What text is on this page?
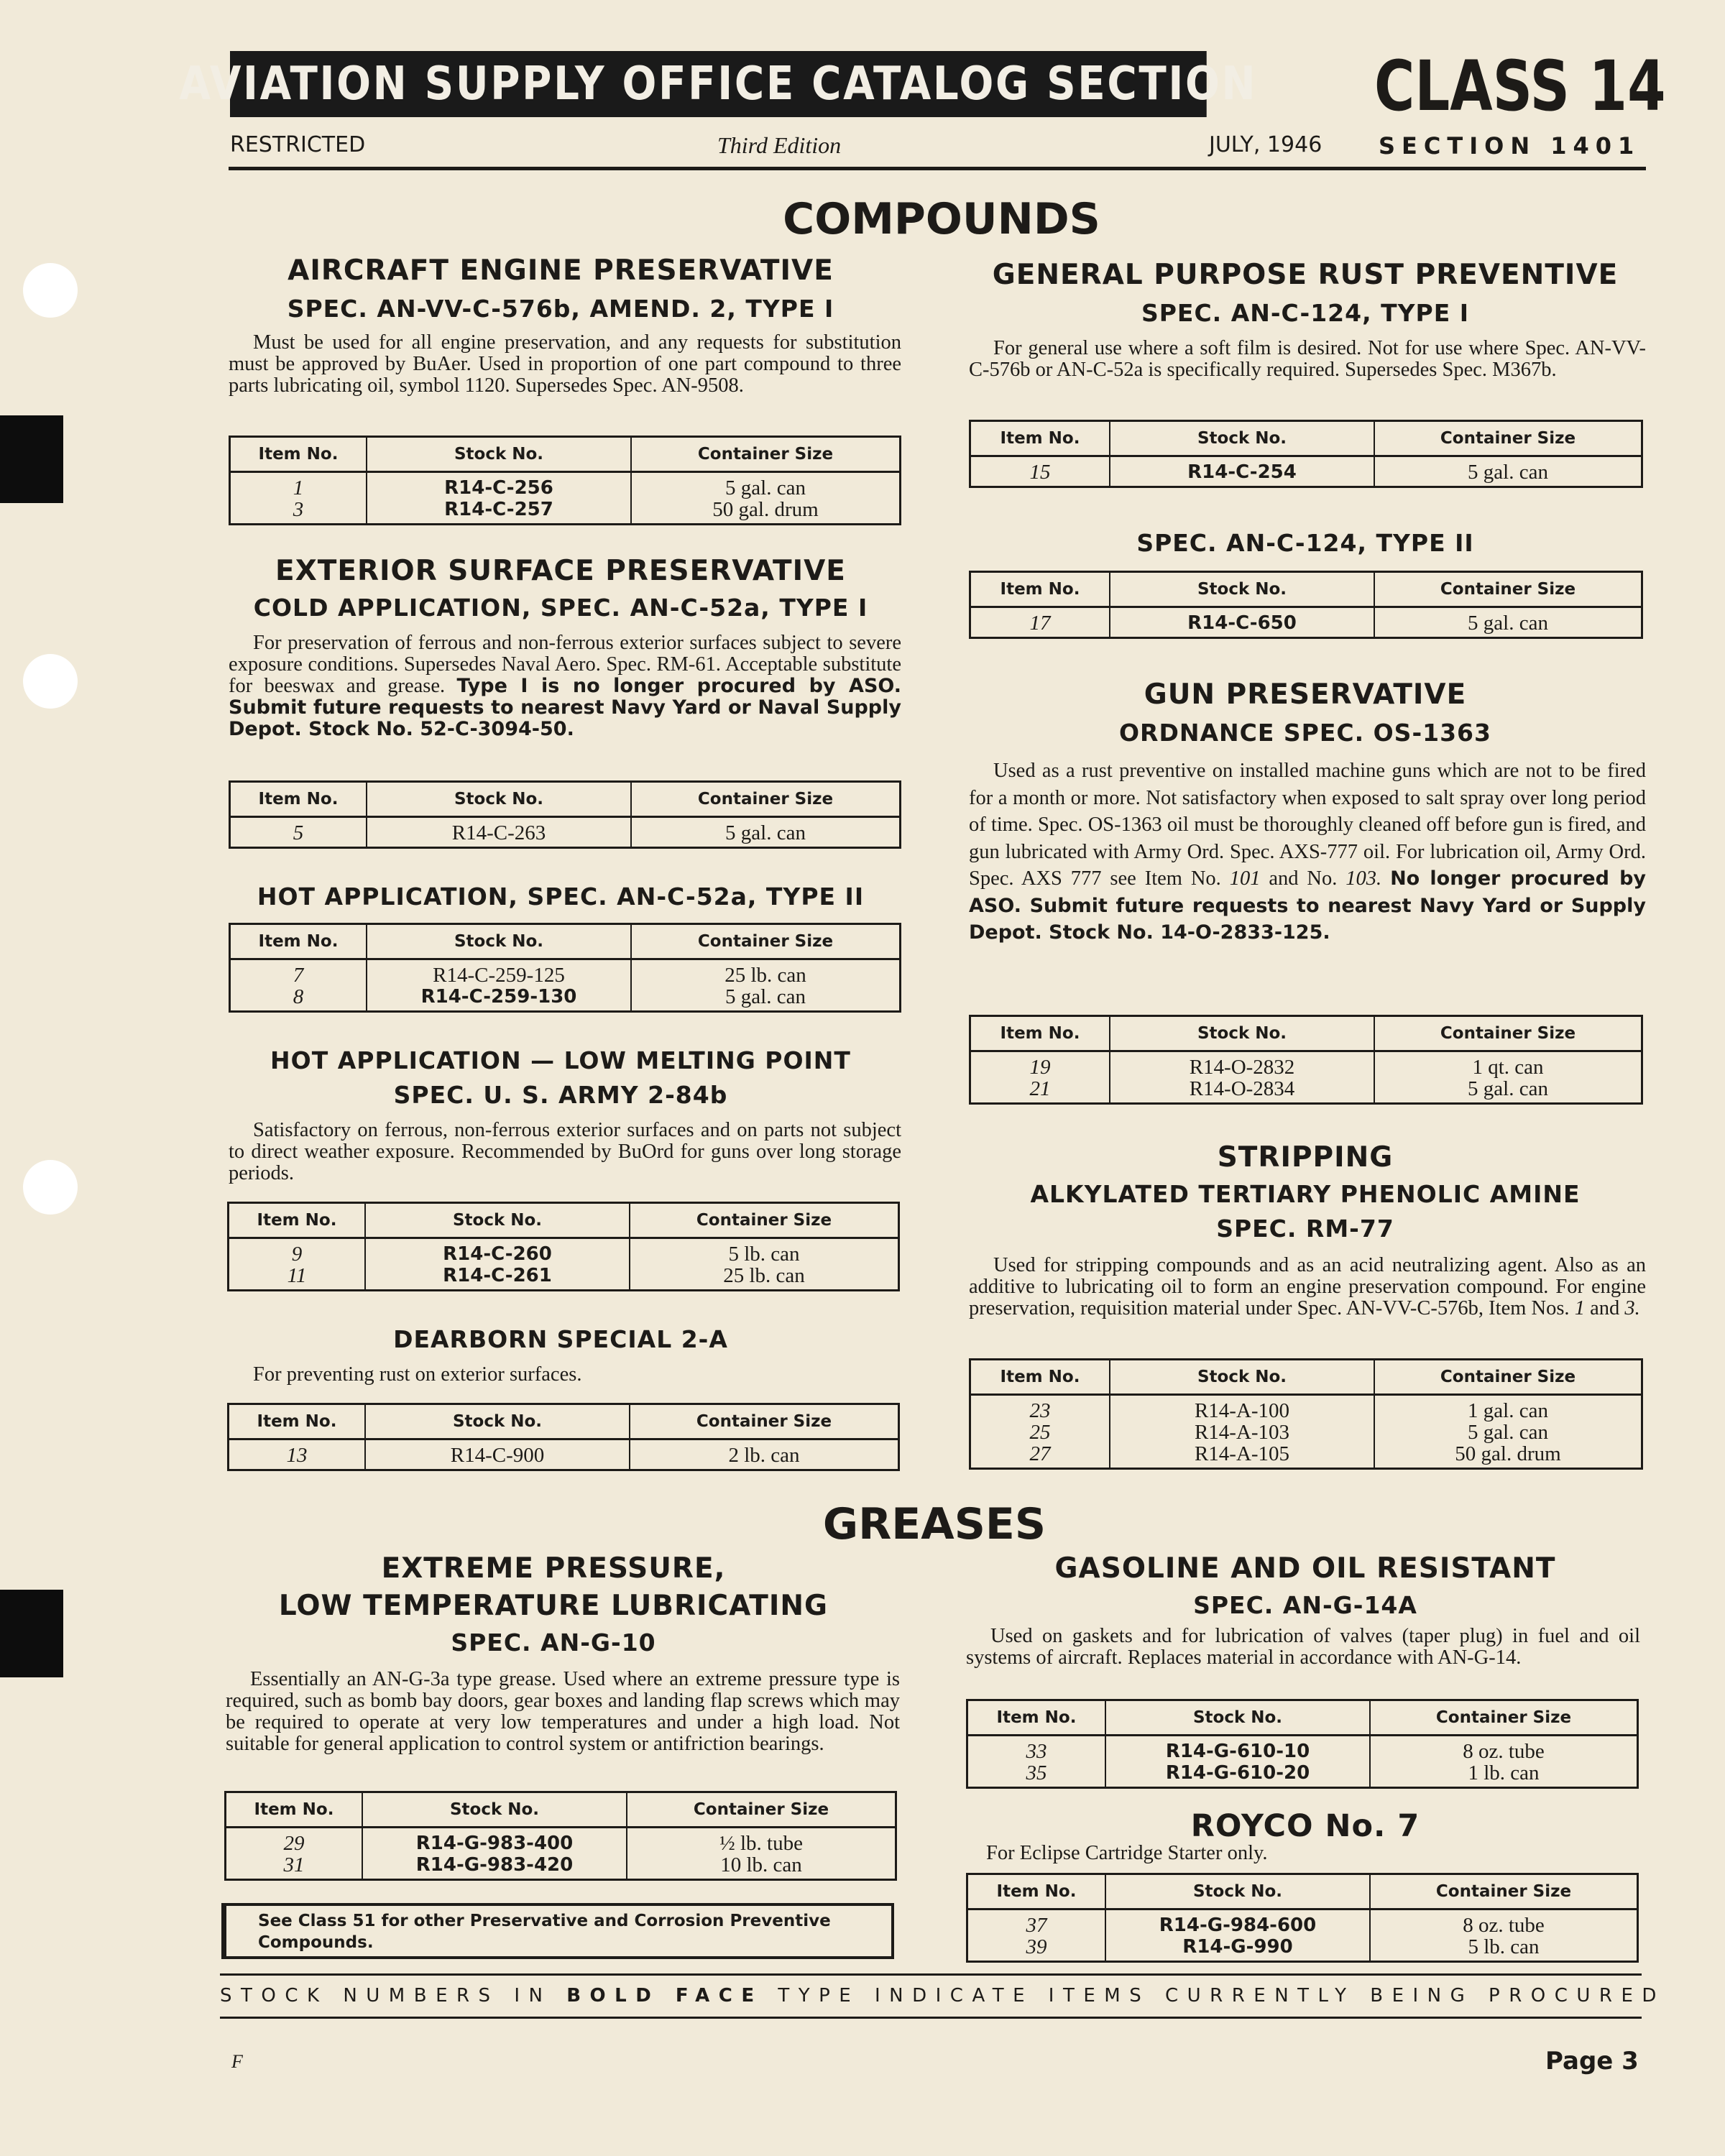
AVIATION SUPPLY OFFICE CATALOG SECTION CLASS 14
RESTRICTED	Third Edition	JULY, 1946 SECTION 1401
COMPOUNDS
AIRCRAFT ENGINE PRESERVATIVE
SPEC. AN-VV-C-576b, AMEND. 2, TYPE I
Must be used for all engine preservation, and any requests for substitution must be approved by BuAer. Used in proportion of one part compound to three parts lubricating oil, symbol 1120. Supersedes Spec. AN-9508.
Item No.	Stock No.	Container Size
1	R14-C-256	5 gal. can
3	R14-C-257	50 gal. drum
EXTERIOR SURFACE PRESERVATIVE
COLD APPLICATION, SPEC. AN-C-52a, TYPE I
For preservation of ferrous and non-ferrous exterior surfaces subject to severe exposure conditions. Supersedes Naval Aero. Spec. RM-61. Acceptable substitute for beeswax and grease. Type I is no longer procured by ASO. Submit future requests to nearest Navy Yard or Naval Supply Depot. Stock No. 52-C-3094-50.
Item No.	Stock No.	Container Size
5	R14-C-263	5 gal. can
HOT APPLICATION, SPEC. AN-C-52a, TYPE II
Item No.	Stock No.	Container Size
7	R14-C-259-125	25 lb. can
8	R14-C-259-130	5 gal. can
HOT APPLICATION — LOW MELTING POINT
SPEC. U. S. ARMY 2-84b
Satisfactory on ferrous, non-ferrous exterior surfaces and on parts not subject to direct weather exposure. Recommended by BuOrd for guns over long storage periods.
Item No.	Stock No.	Container Size
9	R14-C-260	5 lb. can
11	R14-C-261	25 lb. can
DEARBORN SPECIAL 2-A
For preventing rust on exterior surfaces.
Item No.	Stock No.	Container Size
13	R14-C-900	2 lb. can
GENERAL PURPOSE RUST PREVENTIVE
SPEC. AN-C-124, TYPE I
For general use where a soft film is desired. Not for use where Spec. AN-VV-C-576b or AN-C-52a is specifically required. Supersedes Spec. M367b.
Item No.	Stock No.	Container Size
15	R14-C-254	5 gal. can
SPEC. AN-C-124, TYPE II
Item No.	Stock No.	Container Size
17	R14-C-650	5 gal. can
GUN PRESERVATIVE
ORDNANCE SPEC. OS-1363
Used as a rust preventive on installed machine guns which are not to be fired for a month or more. Not satisfactory when exposed to salt spray over long period of time. Spec. OS-1363 oil must be thoroughly cleaned off before gun is fired, and gun lubricated with Army Ord. Spec. AXS-777 oil. For lubrication oil, Army Ord. Spec. AXS 777 see Item No. 101 and No. 103. No longer procured by ASO. Submit future requests to nearest Navy Yard or Supply Depot. Stock No. 14-O-2833-125.
Item No.	Stock No.	Container Size
19	R14-O-2832	1 qt. can
21	R14-O-2834	5 gal. can
STRIPPING
ALKYLATED TERTIARY PHENOLIC AMINE
SPEC. RM-77
Used for stripping compounds and as an acid neutralizing agent. Also as an additive to lubricating oil to form an engine preservation compound. For engine preservation, requisition material under Spec. AN-VV-C-576b, Item Nos. 1 and 3.
Item No.	Stock No.	Container Size
23	R14-A-100	1 gal. can
25	R14-A-103	5 gal. can
27	R14-A-105	50 gal. drum
GREASES
EXTREME PRESSURE,
LOW TEMPERATURE LUBRICATING
SPEC. AN-G-10
Essentially an AN-G-3a type grease. Used where an extreme pressure type is required, such as bomb bay doors, gear boxes and landing flap screws which may be required to operate at very low temperatures and under a high load. Not suitable for general application to control system or antifriction bearings.
Item No.	Stock No.	Container Size
29	R14-G-983-400	½ lb. tube
31	R14-G-983-420	10 lb. can
GASOLINE AND OIL RESISTANT
SPEC. AN-G-14A
Used on gaskets and for lubrication of valves (taper plug) in fuel and oil systems of aircraft. Replaces material in accordance with AN-G-14.
Item No.	Stock No.	Container Size
33	R14-G-610-10	8 oz. tube
35	R14-G-610-20	1 lb. can
ROYCO No. 7
For Eclipse Cartridge Starter only.
Item No.	Stock No.	Container Size
37	R14-G-984-600	8 oz. tube
39	R14-G-990	5 lb. can
See Class 51 for other Preservative and Corrosion Preventive Compounds.
STOCK NUMBERS IN BOLD FACE TYPE INDICATE ITEMS CURRENTLY BEING PROCURED
F	Page 3
